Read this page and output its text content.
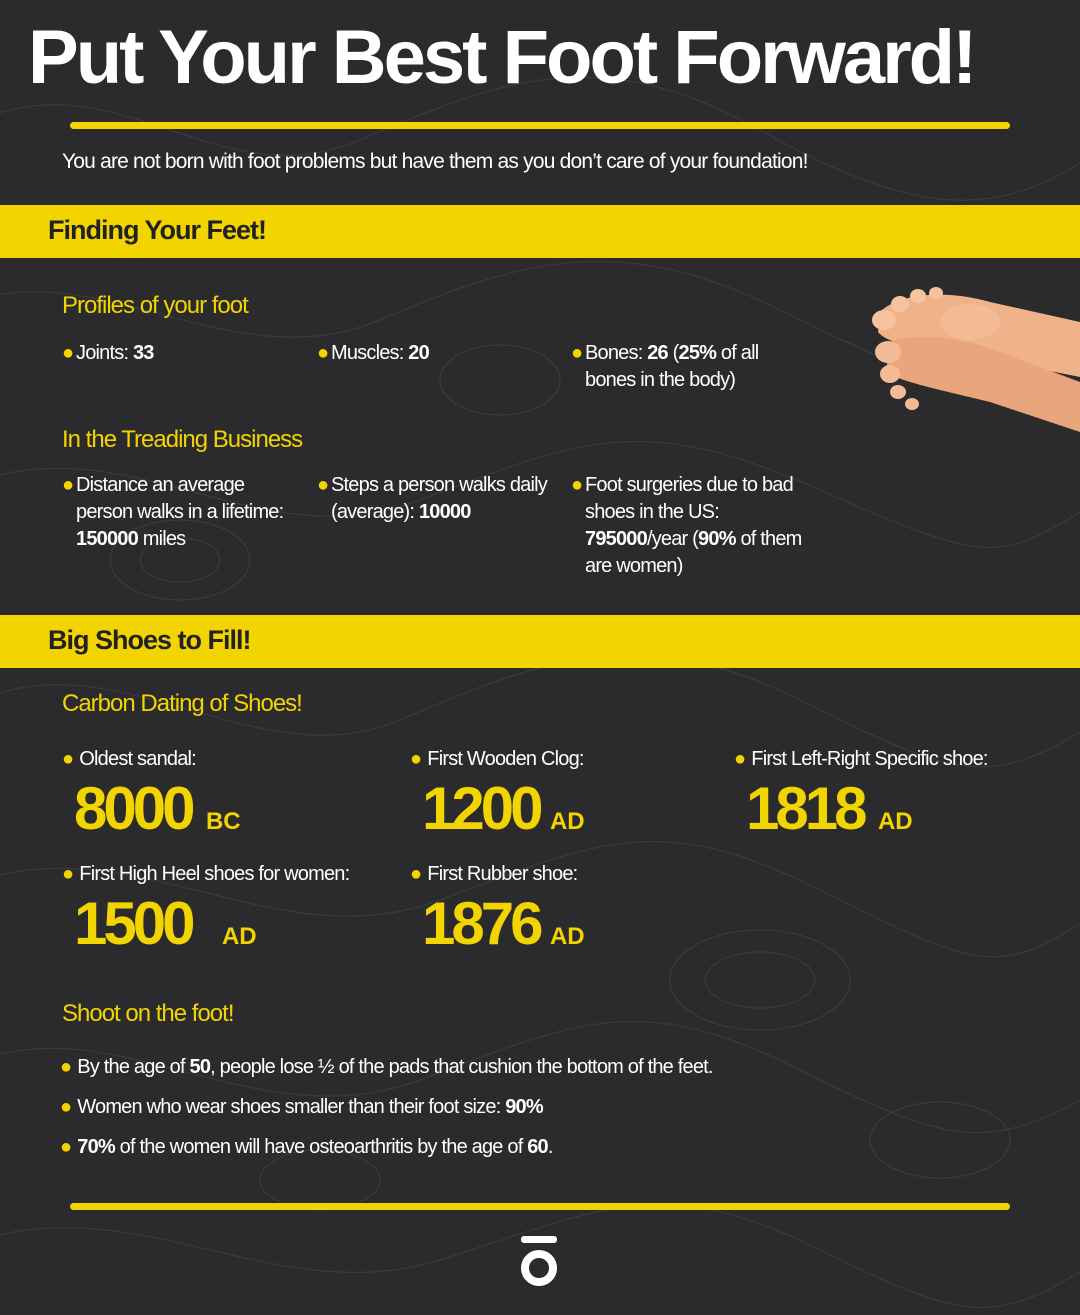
Put Your Best Foot Forward!
You are not born with foot problems but have them as you don’t care of your foundation!
Finding Your Feet!
Profiles of your foot
● Joints: 33	● Muscles: 20	● Bones: 26 (25% of all bones in the body)
In the Treading Business
● Distance an average person walks in a lifetime: 150000 miles
● Steps a person walks daily (average): 10000
● Foot surgeries due to bad shoes in the US: 795000/year (90% of them are women)
Big Shoes to Fill!
Carbon Dating of Shoes!
● Oldest sandal:
8000 BC
● First Wooden Clog:
1200 AD
● First Left-Right Specific shoe:
1818 AD
● First High Heel shoes for women:
1500 AD
● First Rubber shoe:
1876 AD
Shoot on the foot!
● By the age of 50, people lose ½ of the pads that cushion the bottom of the feet.
● Women who wear shoes smaller than their foot size: 90%
● 70% of the women will have osteoarthritis by the age of 60.
